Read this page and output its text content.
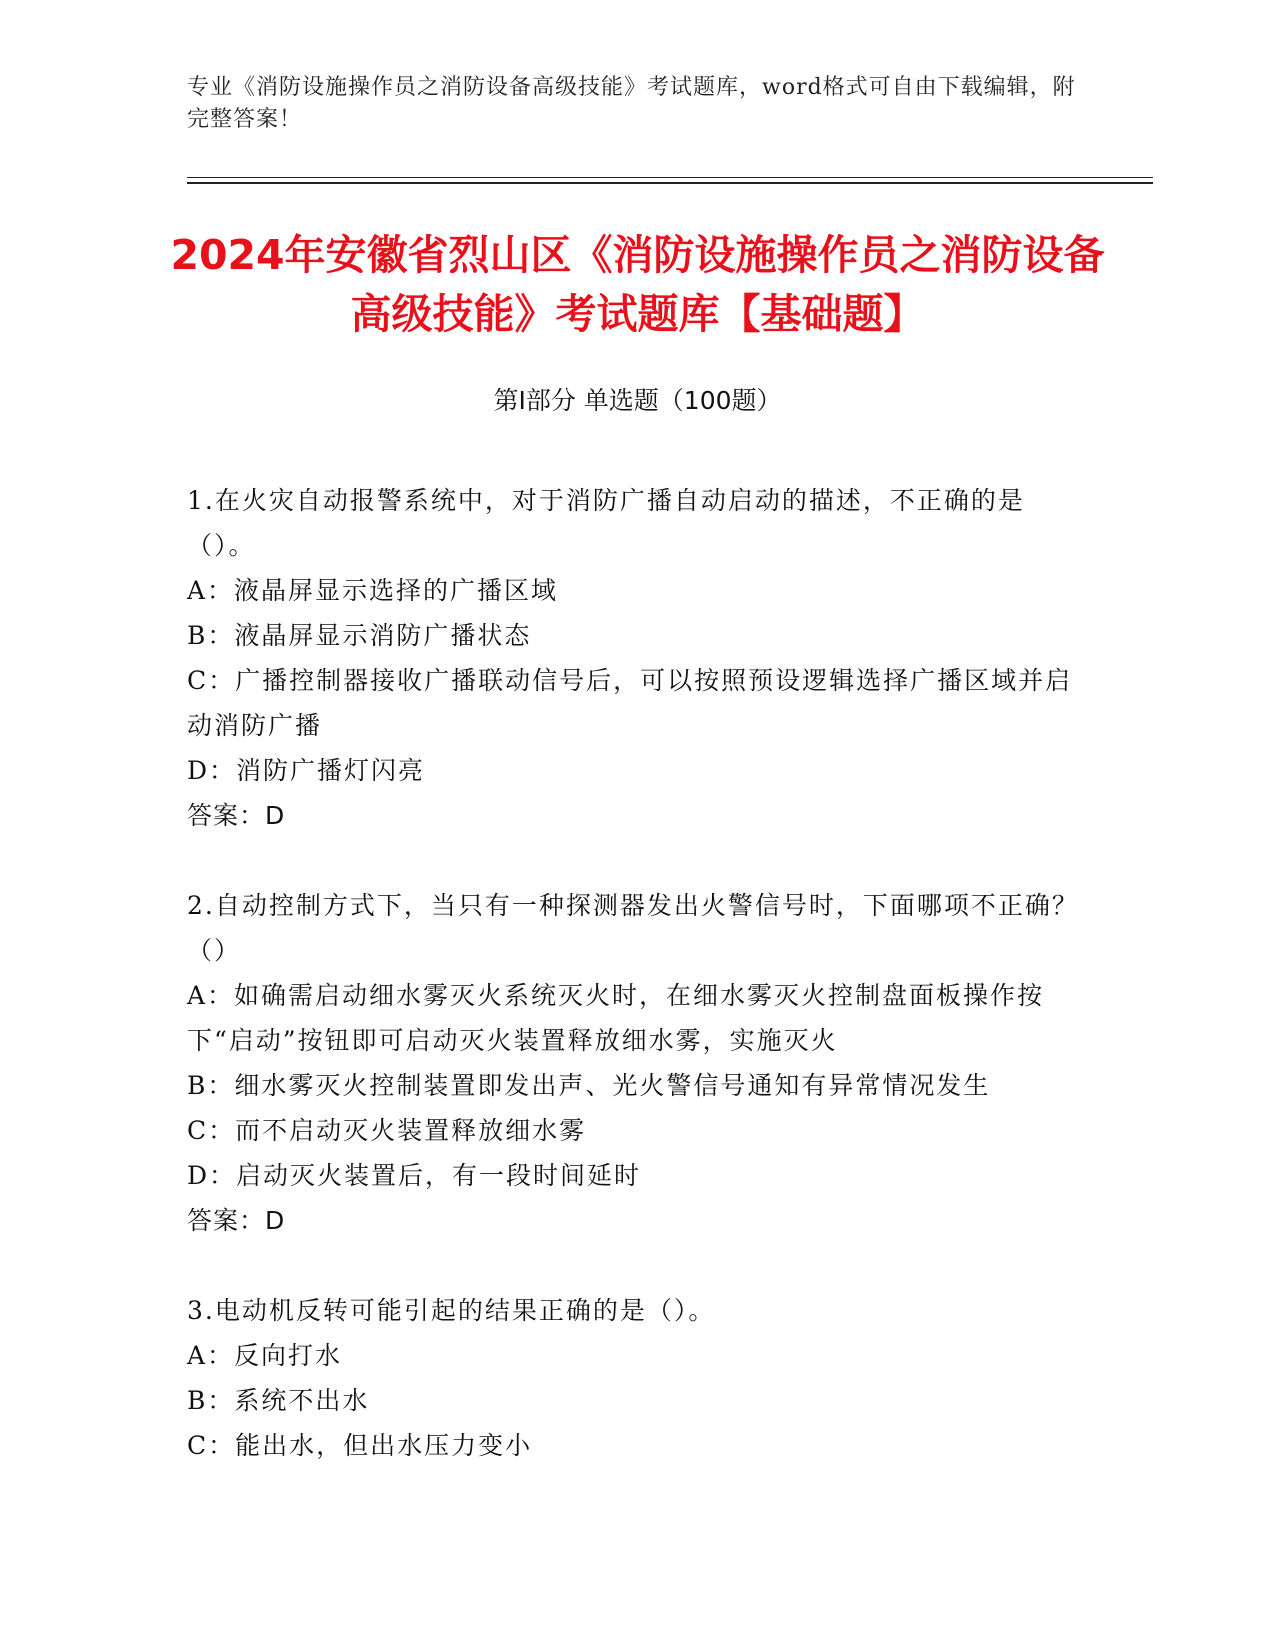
专业《消防设施操作员之消防设备高级技能》考试题库，word格式可自由下载编辑，附完整答案！
2024年安徽省烈山区《消防设施操作员之消防设备高级技能》考试题库【基础题】
第I部分 单选题（100题）
1.在火灾自动报警系统中，对于消防广播自动启动的描述，不正确的是（）。
A：液晶屏显示选择的广播区域
B：液晶屏显示消防广播状态
C：广播控制器接收广播联动信号后，可以按照预设逻辑选择广播区域并启动消防广播
D：消防广播灯闪亮
答案：D
2.自动控制方式下，当只有一种探测器发出火警信号时，下面哪项不正确？（）
A：如确需启动细水雾灭火系统灭火时，在细水雾灭火控制盘面板操作按下“启动”按钮即可启动灭火装置释放细水雾，实施灭火
B：细水雾灭火控制装置即发出声、光火警信号通知有异常情况发生
C：而不启动灭火装置释放细水雾
D：启动灭火装置后，有一段时间延时
答案：D
3.电动机反转可能引起的结果正确的是（）。
A：反向打水
B：系统不出水
C：能出水，但出水压力变小
